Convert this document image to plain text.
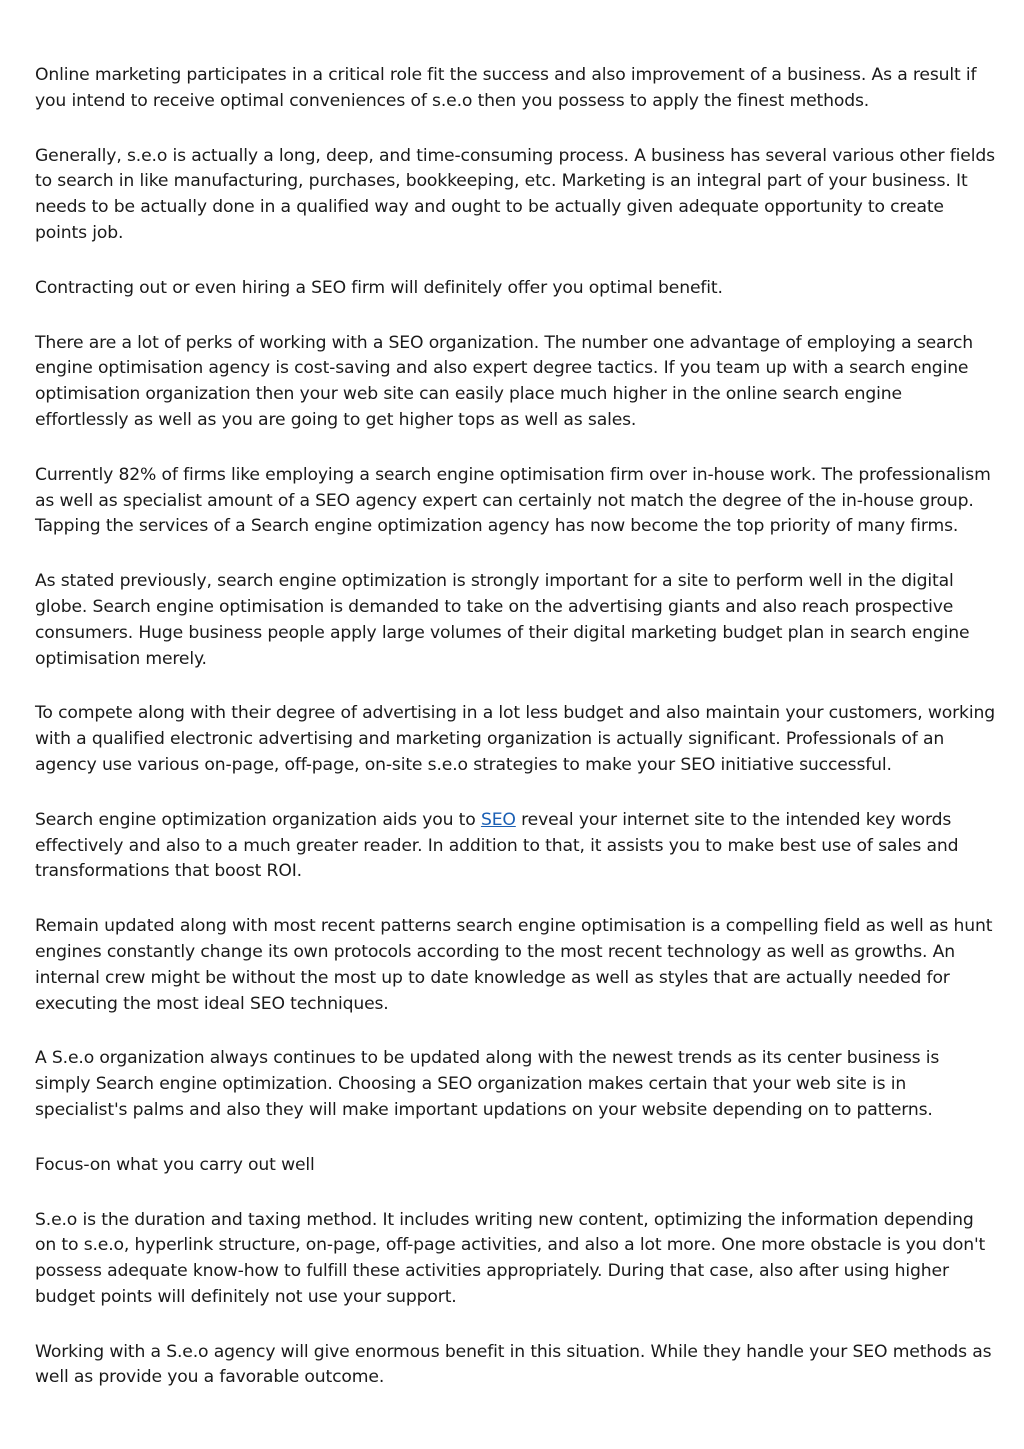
Online marketing participates in a critical role fit the success and also improvement of a business. As a result if you intend to receive optimal conveniences of s.e.o then you possess to apply the finest methods.

Generally, s.e.o is actually a long, deep, and time-consuming process. A business has several various other fields to search in like manufacturing, purchases, bookkeeping, etc. Marketing is an integral part of your business. It needs to be actually done in a qualified way and ought to be actually given adequate opportunity to create points job.

Contracting out or even hiring a SEO firm will definitely offer you optimal benefit.

There are a lot of perks of working with a SEO organization. The number one advantage of employing a search engine optimisation agency is cost-saving and also expert degree tactics. If you team up with a search engine optimisation organization then your web site can easily place much higher in the online search engine effortlessly as well as you are going to get higher tops as well as sales.

Currently 82% of firms like employing a search engine optimisation firm over in-house work. The professionalism as well as specialist amount of a SEO agency expert can certainly not match the degree of the in-house group. Tapping the services of a Search engine optimization agency has now become the top priority of many firms.

As stated previously, search engine optimization is strongly important for a site to perform well in the digital globe. Search engine optimisation is demanded to take on the advertising giants and also reach prospective consumers. Huge business people apply large volumes of their digital marketing budget plan in search engine optimisation merely.

To compete along with their degree of advertising in a lot less budget and also maintain your customers, working with a qualified electronic advertising and marketing organization is actually significant. Professionals of an agency use various on-page, off-page, on-site s.e.o strategies to make your SEO initiative successful.

Search engine optimization organization aids you to SEO reveal your internet site to the intended key words effectively and also to a much greater reader. In addition to that, it assists you to make best use of sales and transformations that boost ROI.

Remain updated along with most recent patterns search engine optimisation is a compelling field as well as hunt engines constantly change its own protocols according to the most recent technology as well as growths. An internal crew might be without the most up to date knowledge as well as styles that are actually needed for executing the most ideal SEO techniques.

A S.e.o organization always continues to be updated along with the newest trends as its center business is simply Search engine optimization. Choosing a SEO organization makes certain that your web site is in specialist's palms and also they will make important updations on your website depending on to patterns.

Focus-on what you carry out well

S.e.o is the duration and taxing method. It includes writing new content, optimizing the information depending on to s.e.o, hyperlink structure, on-page, off-page activities, and also a lot more. One more obstacle is you don't possess adequate know-how to fulfill these activities appropriately. During that case, also after using higher budget points will definitely not use your support.

Working with a S.e.o agency will give enormous benefit in this situation. While they handle your SEO methods as well as provide you a favorable outcome.
